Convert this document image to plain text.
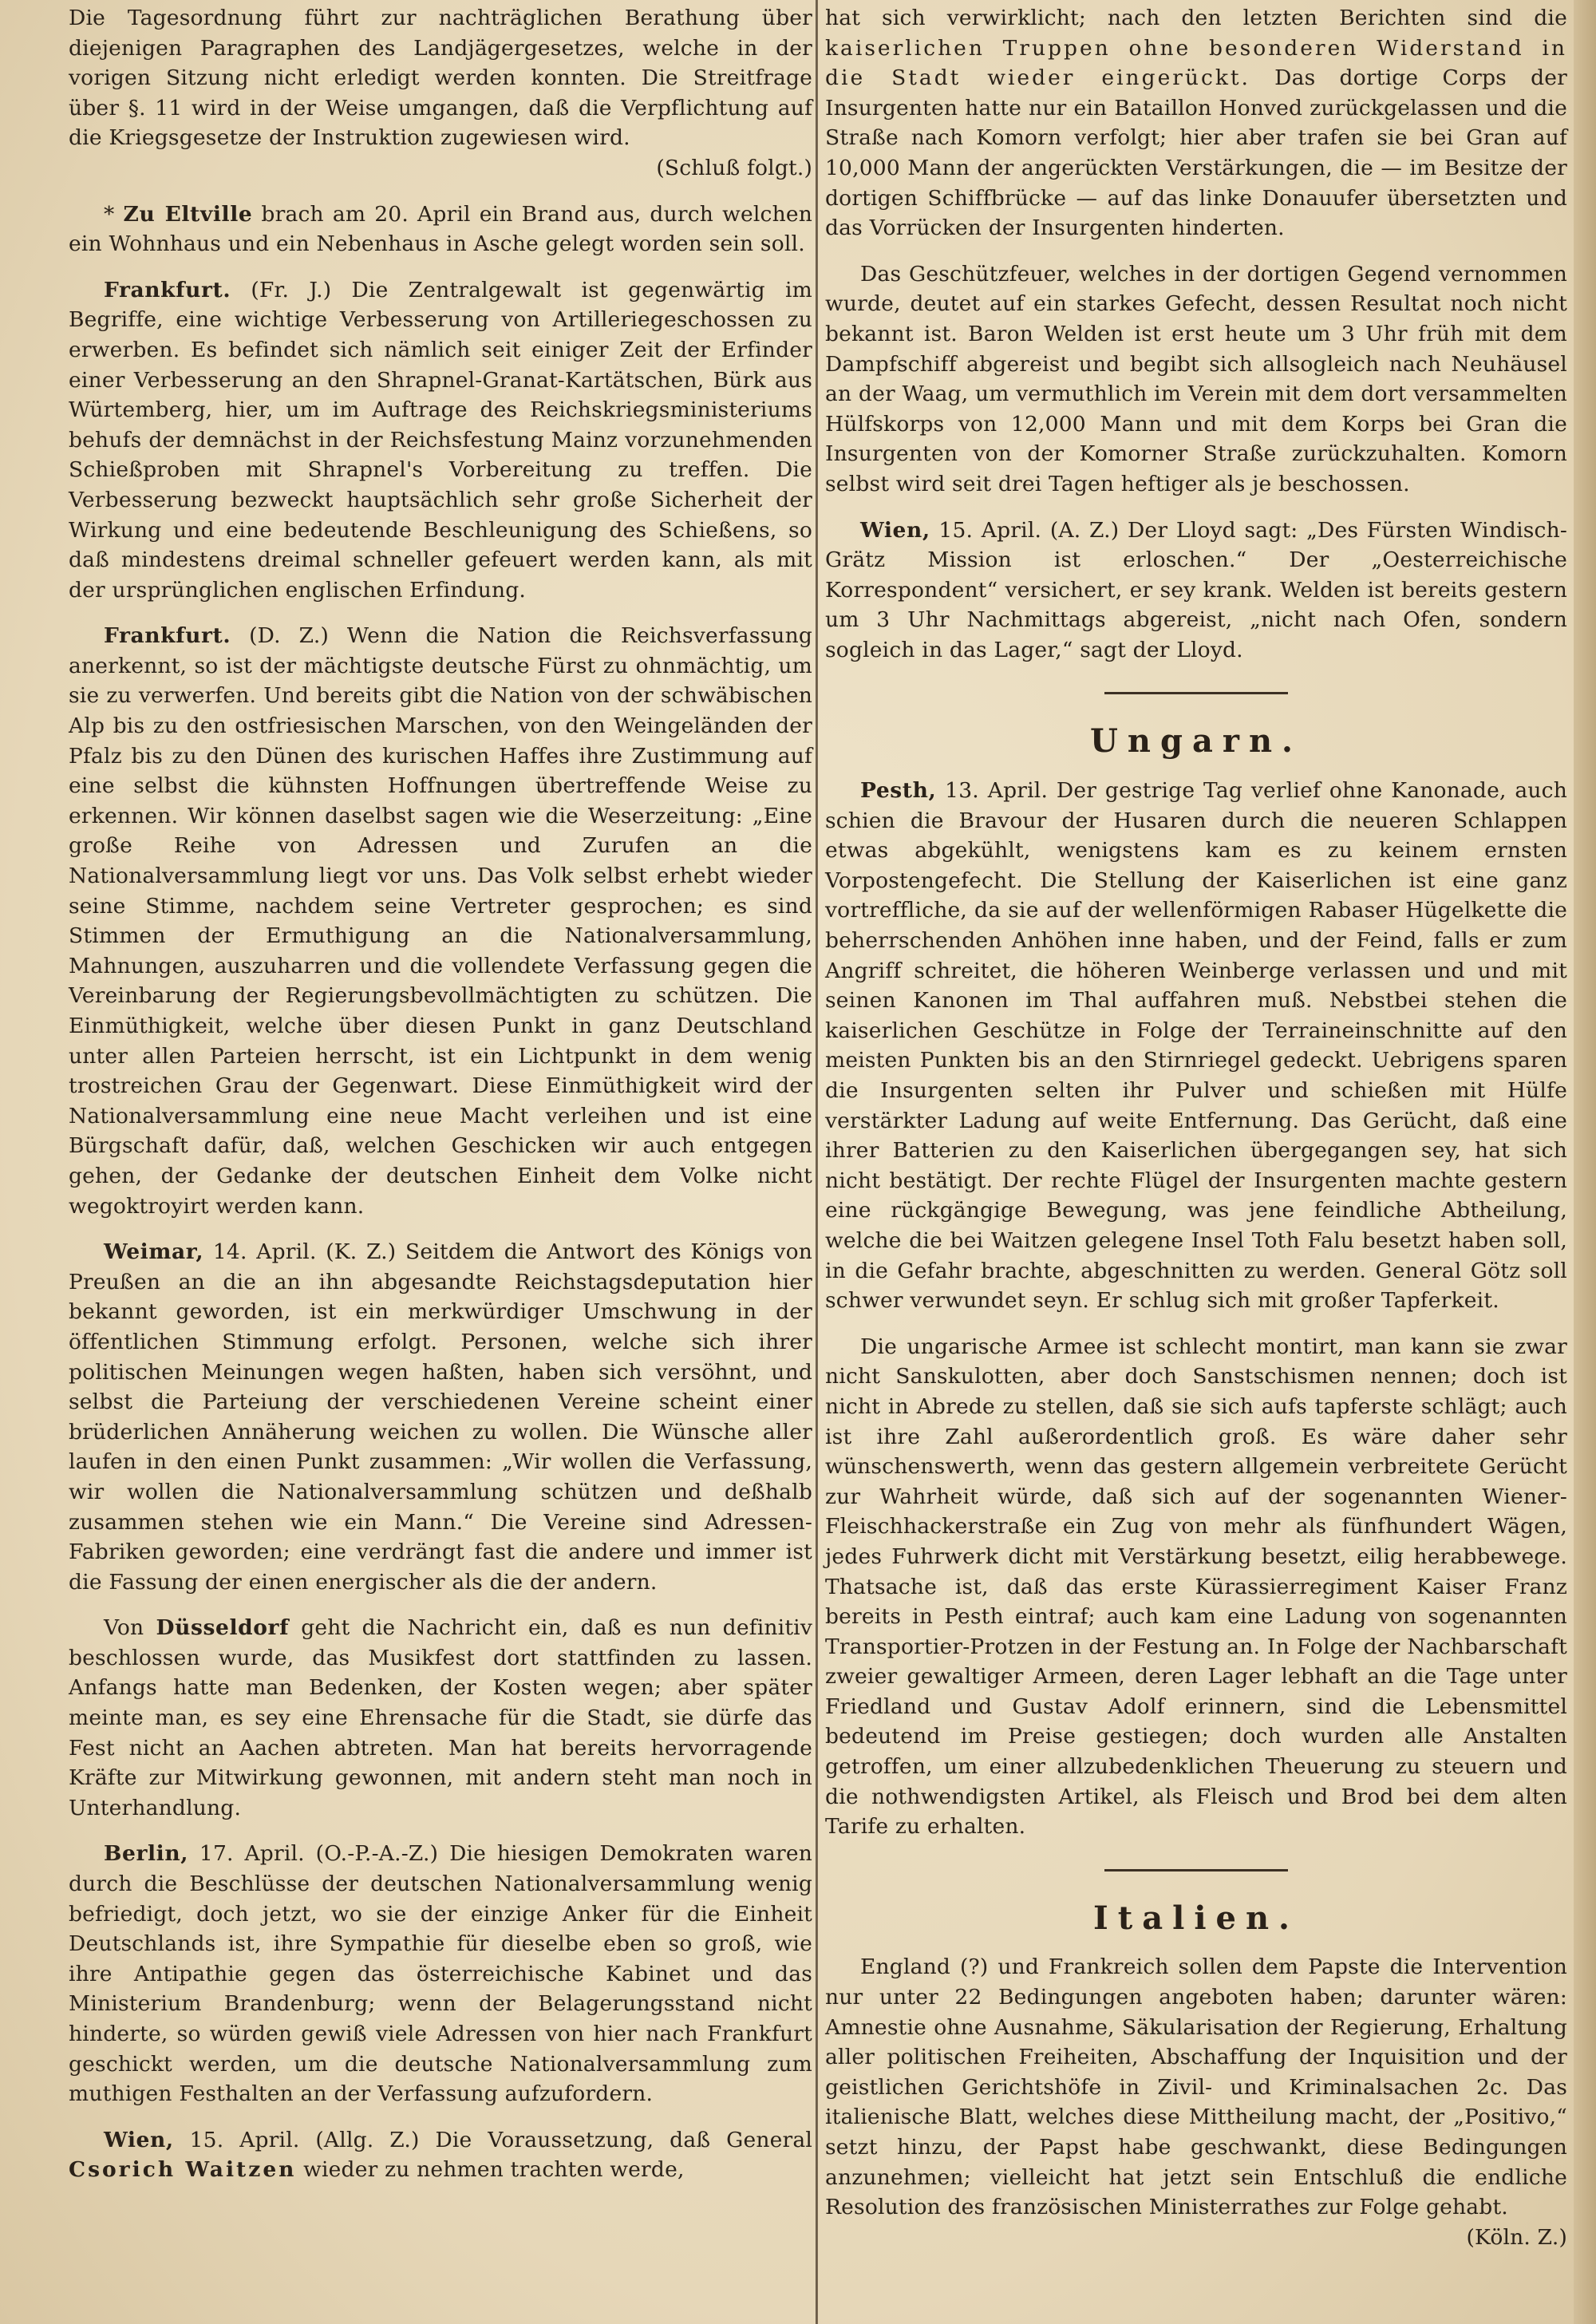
Die Tagesordnung führt zur nachträglichen Berathung über diejenigen Paragraphen des Landjägergesetzes, welche in der vorigen Sitzung nicht erledigt werden konnten. Die Streitfrage über §. 11 wird in der Weise umgangen, daß die Verpflichtung auf die Kriegsgesetze der Instruktion zugewiesen wird.
(Schluß folgt.)

* Zu Eltville brach am 20. April ein Brand aus, durch welchen ein Wohnhaus und ein Nebenhaus in Asche gelegt worden sein soll.

Frankfurt. (Fr. J.) Die Zentralgewalt ist gegenwärtig im Begriffe, eine wichtige Verbesserung von Artilleriegeschossen zu erwerben. Es befindet sich nämlich seit einiger Zeit der Erfinder einer Verbesserung an den Shrapnel-Granat-Kartätschen, Bürk aus Würtemberg, hier, um im Auftrage des Reichskriegsministeriums behufs der demnächst in der Reichsfestung Mainz vorzunehmenden Schießproben mit Shrapnel's Vorbereitung zu treffen. Die Verbesserung bezweckt hauptsächlich sehr große Sicherheit der Wirkung und eine bedeutende Beschleunigung des Schießens, so daß mindestens dreimal schneller gefeuert werden kann, als mit der ursprünglichen englischen Erfindung.

Frankfurt. (D. Z.) Wenn die Nation die Reichsverfassung anerkennt, so ist der mächtigste deutsche Fürst zu ohnmächtig, um sie zu verwerfen. Und bereits gibt die Nation von der schwäbischen Alp bis zu den ostfriesischen Marschen, von den Weingeländen der Pfalz bis zu den Dünen des kurischen Haffes ihre Zustimmung auf eine selbst die kühnsten Hoffnungen übertreffende Weise zu erkennen. Wir können daselbst sagen wie die Weserzeitung: „Eine große Reihe von Adressen und Zurufen an die Nationalversammlung liegt vor uns. Das Volk selbst erhebt wieder seine Stimme, nachdem seine Vertreter gesprochen; es sind Stimmen der Ermuthigung an die Nationalversammlung, Mahnungen, auszuharren und die vollendete Verfassung gegen die Vereinbarung der Regierungsbevollmächtigten zu schützen. Die Einmüthigkeit, welche über diesen Punkt in ganz Deutschland unter allen Parteien herrscht, ist ein Lichtpunkt in dem wenig trostreichen Grau der Gegenwart. Diese Einmüthigkeit wird der Nationalversammlung eine neue Macht verleihen und ist eine Bürgschaft dafür, daß, welchen Geschicken wir auch entgegen gehen, der Gedanke der deutschen Einheit dem Volke nicht wegoktroyirt werden kann.

Weimar, 14. April. (K. Z.) Seitdem die Antwort des Königs von Preußen an die an ihn abgesandte Reichstagsdeputation hier bekannt geworden, ist ein merkwürdiger Umschwung in der öffentlichen Stimmung erfolgt. Personen, welche sich ihrer politischen Meinungen wegen haßten, haben sich versöhnt, und selbst die Parteiung der verschiedenen Vereine scheint einer brüderlichen Annäherung weichen zu wollen. Die Wünsche aller laufen in den einen Punkt zusammen: „Wir wollen die Verfassung, wir wollen die Nationalversammlung schützen und deßhalb zusammen stehen wie ein Mann.“ Die Vereine sind Adressen-Fabriken geworden; eine verdrängt fast die andere und immer ist die Fassung der einen energischer als die der andern.

Von Düsseldorf geht die Nachricht ein, daß es nun definitiv beschlossen wurde, das Musikfest dort stattfinden zu lassen. Anfangs hatte man Bedenken, der Kosten wegen; aber später meinte man, es sey eine Ehrensache für die Stadt, sie dürfe das Fest nicht an Aachen abtreten. Man hat bereits hervorragende Kräfte zur Mitwirkung gewonnen, mit andern steht man noch in Unterhandlung.

Berlin, 17. April. (O.-P.-A.-Z.) Die hiesigen Demokraten waren durch die Beschlüsse der deutschen Nationalversammlung wenig befriedigt, doch jetzt, wo sie der einzige Anker für die Einheit Deutschlands ist, ihre Sympathie für dieselbe eben so groß, wie ihre Antipathie gegen das österreichische Kabinet und das Ministerium Brandenburg; wenn der Belagerungsstand nicht hinderte, so würden gewiß viele Adressen von hier nach Frankfurt geschickt werden, um die deutsche Nationalversammlung zum muthigen Festhalten an der Verfassung aufzufordern.

Wien, 15. April. (Allg. Z.) Die Voraussetzung, daß General Csorich Waitzen wieder zu nehmen trachten werde,

hat sich verwirklicht; nach den letzten Berichten sind die kaiserlichen Truppen ohne besonderen Widerstand in die Stadt wieder eingerückt. Das dortige Corps der Insurgenten hatte nur ein Bataillon Honved zurückgelassen und die Straße nach Komorn verfolgt; hier aber trafen sie bei Gran auf 10,000 Mann der angerückten Verstärkungen, die — im Besitze der dortigen Schiffbrücke — auf das linke Donauufer übersetzten und das Vorrücken der Insurgenten hinderten.

Das Geschützfeuer, welches in der dortigen Gegend vernommen wurde, deutet auf ein starkes Gefecht, dessen Resultat noch nicht bekannt ist. Baron Welden ist erst heute um 3 Uhr früh mit dem Dampfschiff abgereist und begibt sich allsogleich nach Neuhäusel an der Waag, um vermuthlich im Verein mit dem dort versammelten Hülfskorps von 12,000 Mann und mit dem Korps bei Gran die Insurgenten von der Komorner Straße zurückzuhalten. Komorn selbst wird seit drei Tagen heftiger als je beschossen.

Wien, 15. April. (A. Z.) Der Lloyd sagt: „Des Fürsten Windisch-Grätz Mission ist erloschen.“ Der „Oesterreichische Korrespondent“ versichert, er sey krank. Welden ist bereits gestern um 3 Uhr Nachmittags abgereist, „nicht nach Ofen, sondern sogleich in das Lager,“ sagt der Lloyd.

Ungarn.

Pesth, 13. April. Der gestrige Tag verlief ohne Kanonade, auch schien die Bravour der Husaren durch die neueren Schlappen etwas abgekühlt, wenigstens kam es zu keinem ernsten Vorpostengefecht. Die Stellung der Kaiserlichen ist eine ganz vortreffliche, da sie auf der wellenförmigen Rabaser Hügelkette die beherrschenden Anhöhen inne haben, und der Feind, falls er zum Angriff schreitet, die höheren Weinberge verlassen und und mit seinen Kanonen im Thal auffahren muß. Nebstbei stehen die kaiserlichen Geschütze in Folge der Terraineinschnitte auf den meisten Punkten bis an den Stirnriegel gedeckt. Uebrigens sparen die Insurgenten selten ihr Pulver und schießen mit Hülfe verstärkter Ladung auf weite Entfernung. Das Gerücht, daß eine ihrer Batterien zu den Kaiserlichen übergegangen sey, hat sich nicht bestätigt. Der rechte Flügel der Insurgenten machte gestern eine rückgängige Bewegung, was jene feindliche Abtheilung, welche die bei Waitzen gelegene Insel Toth Falu besetzt haben soll, in die Gefahr brachte, abgeschnitten zu werden. General Götz soll schwer verwundet seyn. Er schlug sich mit großer Tapferkeit.

Die ungarische Armee ist schlecht montirt, man kann sie zwar nicht Sanskulotten, aber doch Sanstschismen nennen; doch ist nicht in Abrede zu stellen, daß sie sich aufs tapferste schlägt; auch ist ihre Zahl außerordentlich groß. Es wäre daher sehr wünschenswerth, wenn das gestern allgemein verbreitete Gerücht zur Wahrheit würde, daß sich auf der sogenannten Wiener-Fleischhackerstraße ein Zug von mehr als fünfhundert Wägen, jedes Fuhrwerk dicht mit Verstärkung besetzt, eilig herabbewege. Thatsache ist, daß das erste Kürassierregiment Kaiser Franz bereits in Pesth eintraf; auch kam eine Ladung von sogenannten Transportier-Protzen in der Festung an. In Folge der Nachbarschaft zweier gewaltiger Armeen, deren Lager lebhaft an die Tage unter Friedland und Gustav Adolf erinnern, sind die Lebensmittel bedeutend im Preise gestiegen; doch wurden alle Anstalten getroffen, um einer allzubedenklichen Theuerung zu steuern und die nothwendigsten Artikel, als Fleisch und Brod bei dem alten Tarife zu erhalten.

Italien.

England (?) und Frankreich sollen dem Papste die Intervention nur unter 22 Bedingungen angeboten haben; darunter wären: Amnestie ohne Ausnahme, Säkularisation der Regierung, Erhaltung aller politischen Freiheiten, Abschaffung der Inquisition und der geistlichen Gerichtshöfe in Zivil- und Kriminalsachen 2c. Das italienische Blatt, welches diese Mittheilung macht, der „Positivo,“ setzt hinzu, der Papst habe geschwankt, diese Bedingungen anzunehmen; vielleicht hat jetzt sein Entschluß die endliche Resolution des französischen Ministerrathes zur Folge gehabt.
(Köln. Z.)
